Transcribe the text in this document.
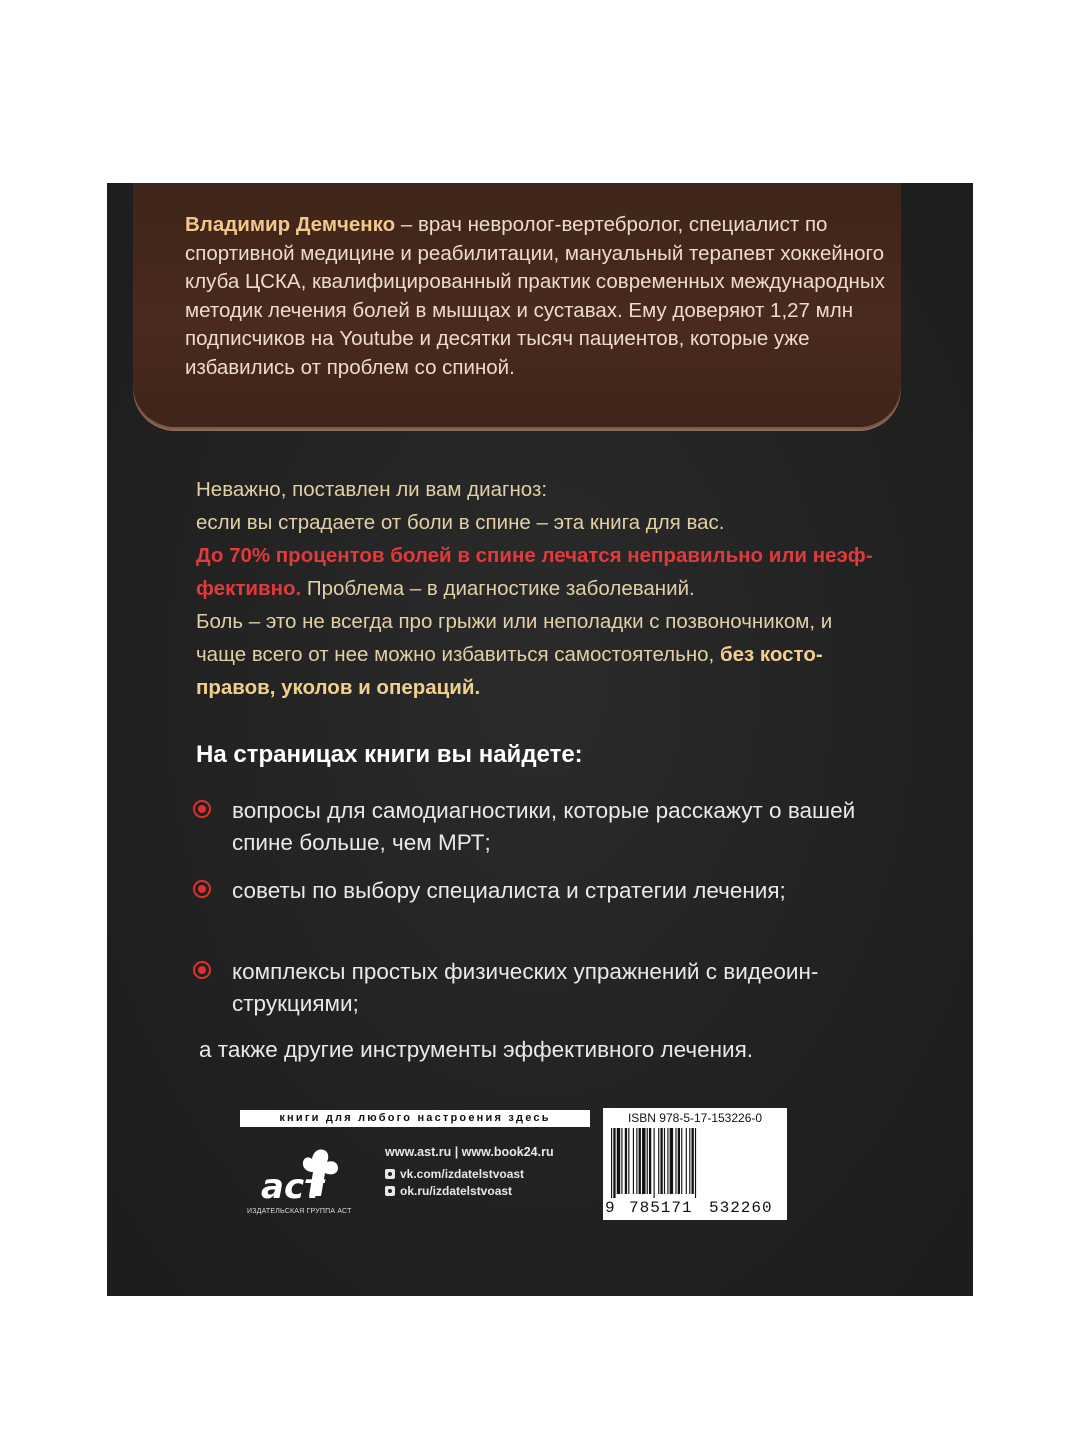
Владимир Демченко – врач невролог-вертебролог, специалист по спортивной медицине и реабилитации, мануальный терапевт хоккейного клуба ЦСКА, квалифицированный практик современных международных методик лечения болей в мышцах и суставах. Ему доверяют 1,27 млн подписчиков на Youtube и десятки тысяч пациентов, которые уже избавились от проблем со спиной.

Неважно, поставлен ли вам диагноз:
если вы страдаете от боли в спине – эта книга для вас.
До 70% процентов болей в спине лечатся неправильно или неэф-фективно. Проблема – в диагностике заболеваний.
Боль – это не всегда про грыжи или неполадки с позвоночником, и чаще всего от нее можно избавиться самостоятельно, без косто-правов, уколов и операций.

На страницах книги вы найдете:
вопросы для самодиагностики, которые расскажут о вашей спине больше, чем МРТ;
советы по выбору специалиста и стратегии лечения;
комплексы простых физических упражнений с видеоин-струкциями;

а также другие инструменты эффективного лечения.

книги для любого настроения здесь
аст
ИЗДАТЕЛЬСКАЯ ГРУППА АСТ
www.ast.ru | www.book24.ru
vk.com/izdatelstvoast
ok.ru/izdatelstvoast
ISBN 978-5-17-153226-0
9 785171 532260
